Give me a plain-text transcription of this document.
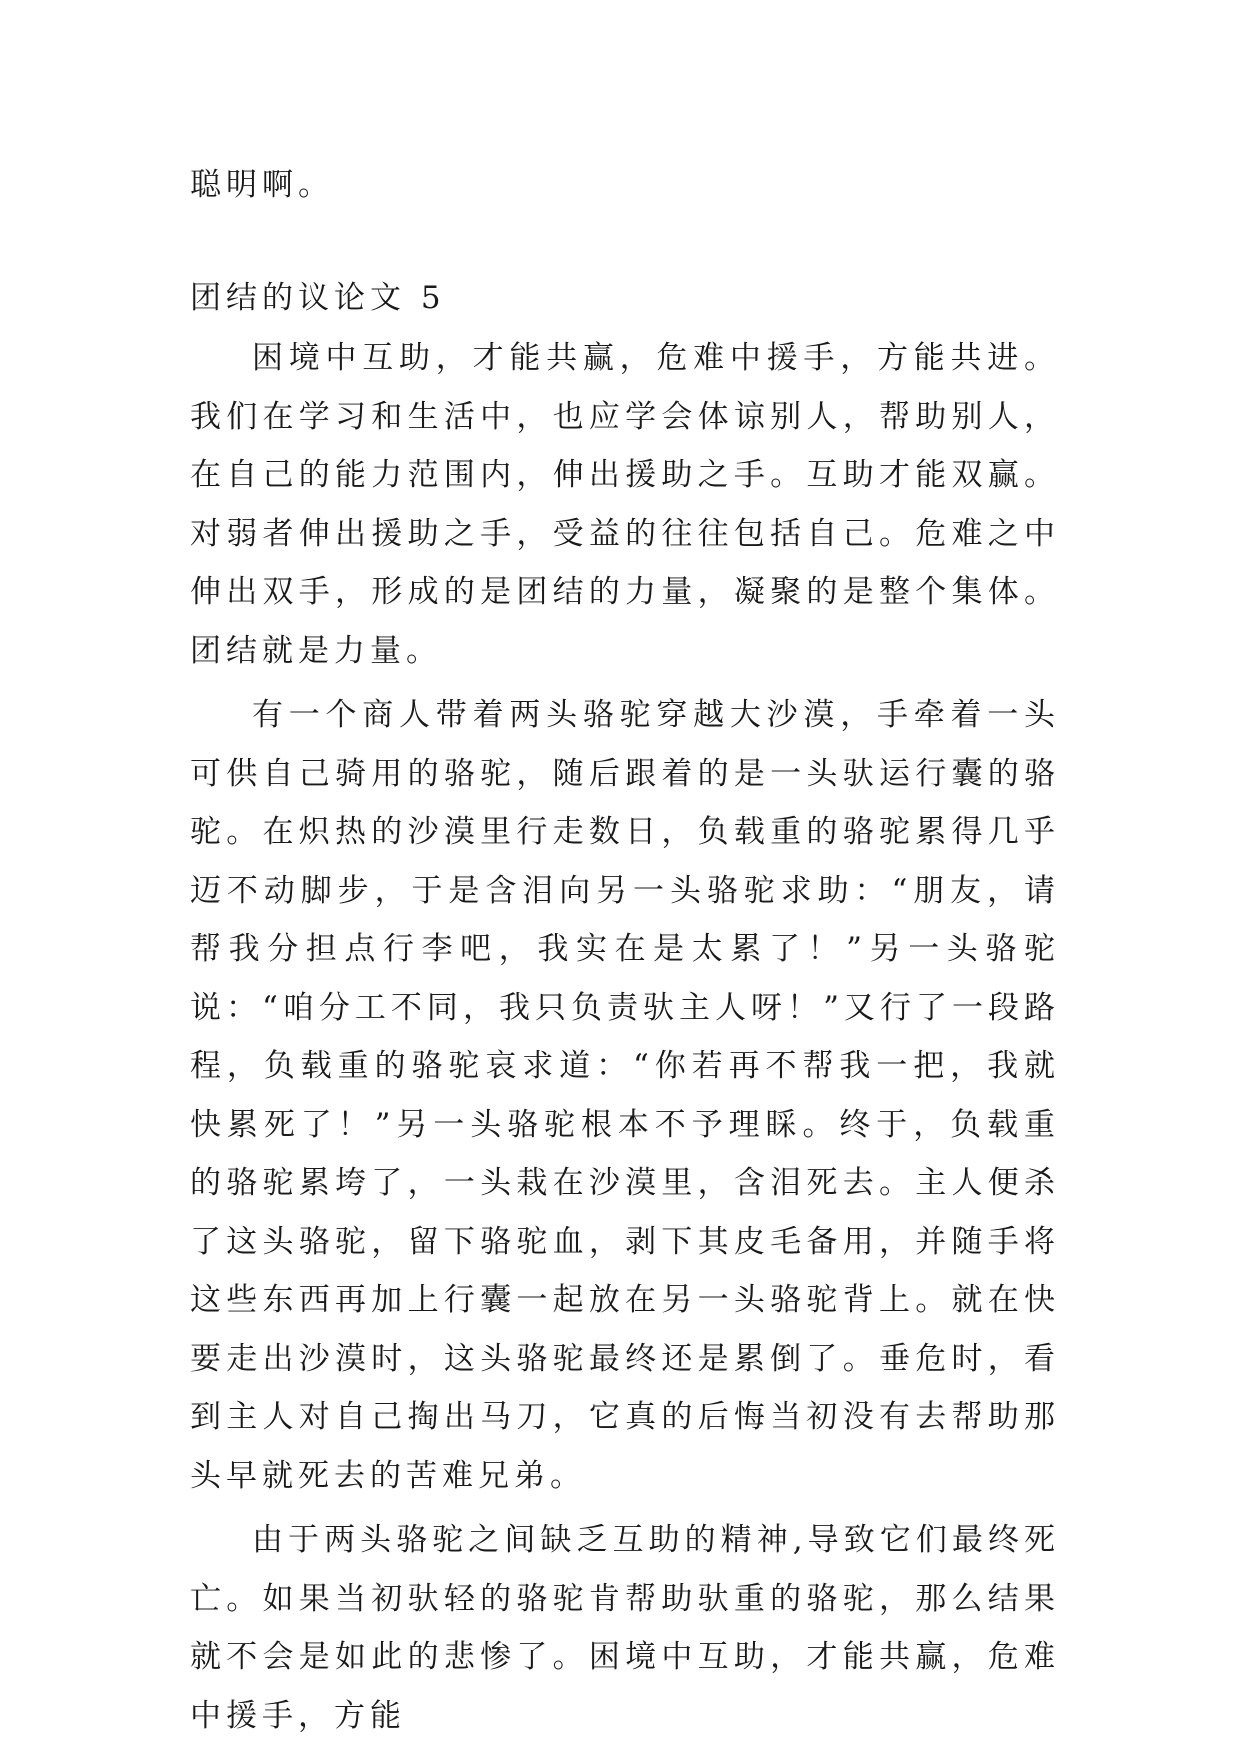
聪明啊。

团结的议论文 5

困境中互助，才能共赢，危难中援手，方能共进。我们在学习和生活中，也应学会体谅别人，帮助别人，在自己的能力范围内，伸出援助之手。互助才能双赢。对弱者伸出援助之手，受益的往往包括自己。危难之中伸出双手，形成的是团结的力量，凝聚的是整个集体。团结就是力量。

有一个商人带着两头骆驼穿越大沙漠，手牵着一头可供自己骑用的骆驼，随后跟着的是一头驮运行囊的骆驼。在炽热的沙漠里行走数日，负载重的骆驼累得几乎迈不动脚步，于是含泪向另一头骆驼求助：“朋友，请帮我分担点行李吧，我实在是太累了！”另一头骆驼说：“咱分工不同，我只负责驮主人呀！”又行了一段路程，负载重的骆驼哀求道：“你若再不帮我一把，我就快累死了！”另一头骆驼根本不予理睬。终于，负载重的骆驼累垮了，一头栽在沙漠里，含泪死去。主人便杀了这头骆驼，留下骆驼血，剥下其皮毛备用，并随手将这些东西再加上行囊一起放在另一头骆驼背上。就在快要走出沙漠时，这头骆驼最终还是累倒了。垂危时，看到主人对自己掏出马刀，它真的后悔当初没有去帮助那头早就死去的苦难兄弟。

由于两头骆驼之间缺乏互助的精神,导致它们最终死亡。如果当初驮轻的骆驼肯帮助驮重的骆驼，那么结果就不会是如此的悲惨了。困境中互助，才能共赢，危难中援手，方能
